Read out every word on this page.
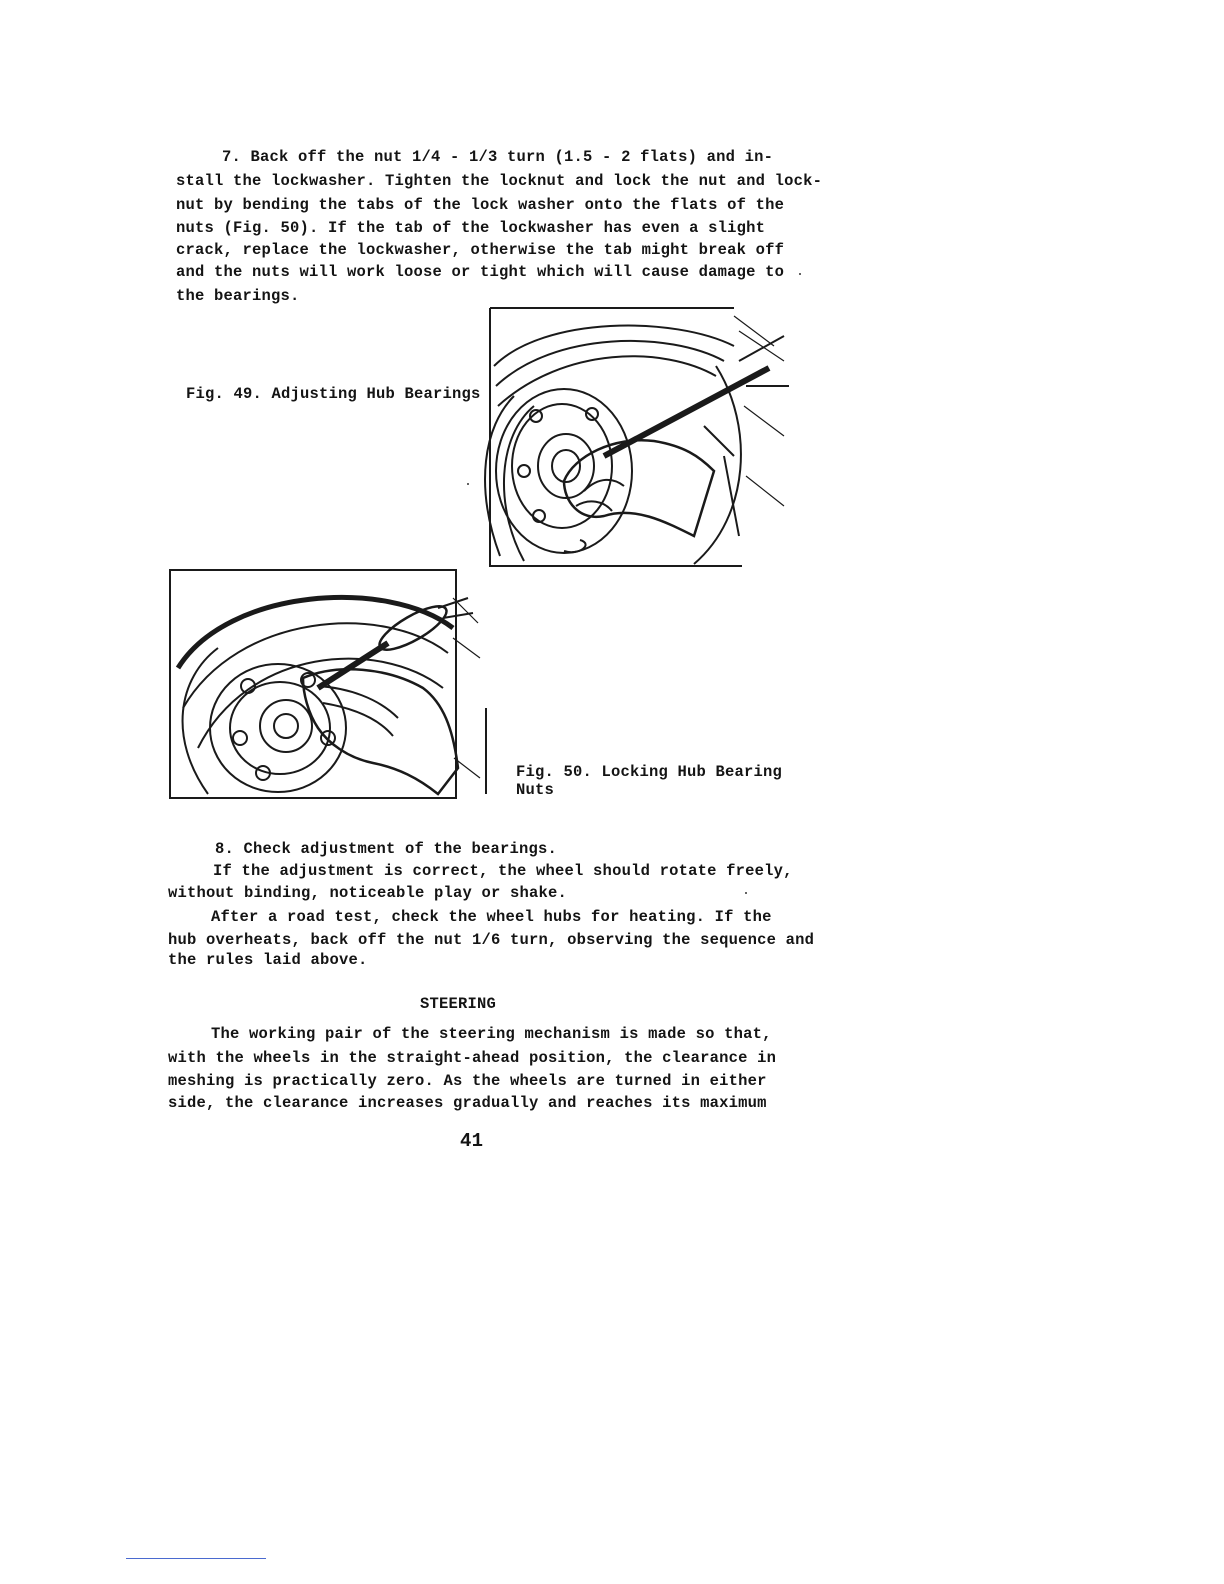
7. Back off the nut 1/4 - 1/3 turn (1.5 - 2 flats) and in-
stall the lockwasher. Tighten the locknut and lock the nut and lock-
nut by bending the tabs of the lock washer onto the flats of the
nuts (Fig. 50). If the tab of the lockwasher has even a slight
crack, replace the lockwasher, otherwise the tab might break off
and the nuts will work loose or tight which will cause damage to
the bearings.
Fig. 49. Adjusting Hub Bearings
Fig. 50. Locking Hub Bearing
Nuts
8. Check adjustment of the bearings.
If the adjustment is correct, the wheel should rotate freely,
without binding, noticeable play or shake.
After a road test, check the wheel hubs for heating. If the
hub overheats, back off the nut 1/6 turn, observing the sequence and
the rules laid above.
STEERING
The working pair of the steering mechanism is made so that,
with the wheels in the straight-ahead position, the clearance in
meshing is practically zero. As the wheels are turned in either
side, the clearance increases gradually and reaches its maximum
41
